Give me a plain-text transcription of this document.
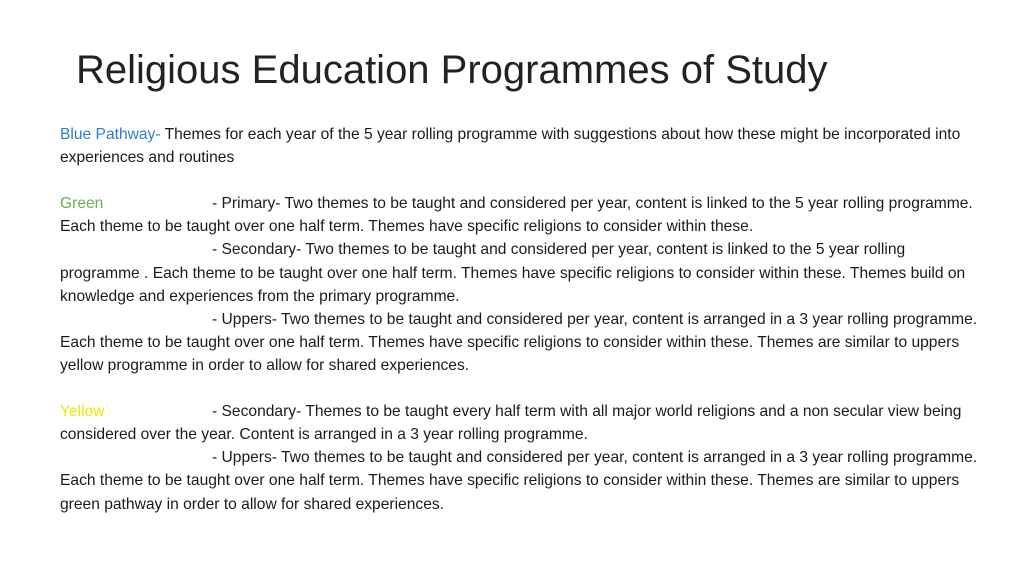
Religious Education Programmes of Study

Blue Pathway- Themes for each year of the 5 year rolling programme with suggestions about how these might be incorporated into experiences and routines

Green	- Primary- Two themes to be taught and considered per year, content is linked to the 5 year rolling programme. Each theme to be taught over one half term. Themes have specific religions to consider within these.

- Secondary- Two themes to be taught and considered per year, content is linked to the 5 year rolling programme . Each theme to be taught over one half term. Themes have specific religions to consider within these. Themes build on knowledge and experiences from the primary programme.

- Uppers- Two themes to be taught and considered per year, content is arranged in a 3 year rolling programme. Each theme to be taught over one half term. Themes have specific religions to consider within these. Themes are similar to uppers yellow programme in order to allow for shared experiences.

Yellow	- Secondary- Themes to be taught every half term with all major world religions and a non secular view being considered over the year. Content is arranged in a 3 year rolling programme.

- Uppers- Two themes to be taught and considered per year, content is arranged in a 3 year rolling programme. Each theme to be taught over one half term. Themes have specific religions to consider within these. Themes are similar to uppers green pathway in order to allow for shared experiences.
